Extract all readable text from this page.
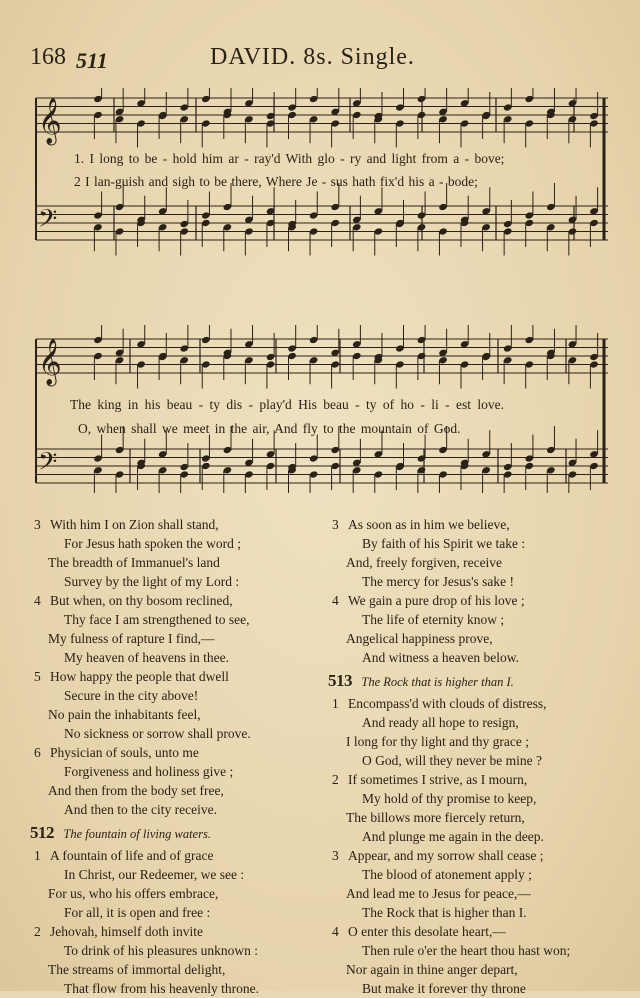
168 511	DAVID. 8s. Single.
𝄞
𝄢
1. I long to be - hold him ar - ray'd With glo - ry and light from a - bove;
2 I lan-guish and sigh to be there, Where Je - sus hath fix'd his a - bode;
𝄞
𝄢
The king in his beau - ty dis - play'd His beau - ty of ho - li - est love.
O, when shall we meet in the air, And fly to the mountain of God.
3 With him I on Zion shall stand,
For Jesus hath spoken the word ;
The breadth of Immanuel's land
Survey by the light of my Lord :
4 But when, on thy bosom reclined,
Thy face I am strengthened to see,
My fulness of rapture I find,—
My heaven of heavens in thee.
5 How happy the people that dwell
Secure in the city above!
No pain the inhabitants feel,
No sickness or sorrow shall prove.
6 Physician of souls, unto me
Forgiveness and holiness give ;
And then from the body set free,
And then to the city receive.
512 The fountain of living waters.
1 A fountain of life and of grace
In Christ, our Redeemer, we see :
For us, who his offers embrace,
For all, it is open and free :
2 Jehovah, himself doth invite
To drink of his pleasures unknown :
The streams of immortal delight,
That flow from his heavenly throne.
3 As soon as in him we believe,
By faith of his Spirit we take :
And, freely forgiven, receive
The mercy for Jesus's sake !
4 We gain a pure drop of his love ;
The life of eternity know ;
Angelical happiness prove,
And witness a heaven below.
513 The Rock that is higher than I.
1 Encompass'd with clouds of distress,
And ready all hope to resign,
I long for thy light and thy grace ;
O God, will they never be mine ?
2 If sometimes I strive, as I mourn,
My hold of thy promise to keep,
The billows more fiercely return,
And plunge me again in the deep.
3 Appear, and my sorrow shall cease ;
The blood of atonement apply ;
And lead me to Jesus for peace,—
The Rock that is higher than I.
4 O enter this desolate heart,—
Then rule o'er the heart thou hast won;
Nor again in thine anger depart,
But make it forever thy throne
